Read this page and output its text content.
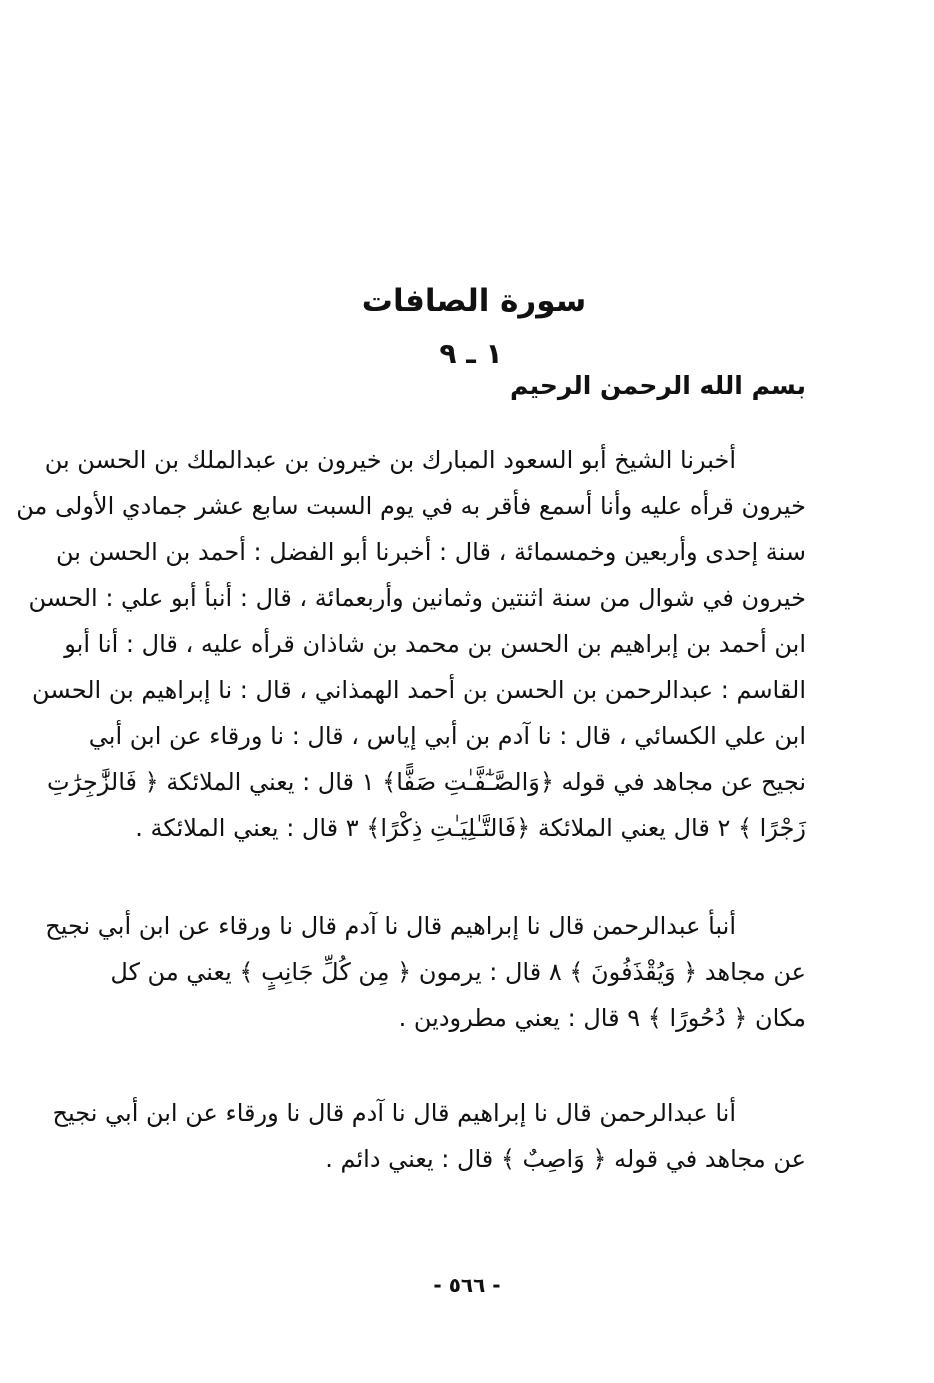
سورة الصافات
١ ـ ٩
بسم الله الرحمن الرحيم
أخبرنا الشيخ أبو السعود المبارك بن خيرون بن عبدالملك بن الحسن بن
خيرون قرأه عليه وأنا أسمع فأقر به في يوم السبت سابع عشر جمادي الأولى من
سنة إحدى وأربعين وخمسمائة ، قال : أخبرنا أبو الفضل : أحمد بن الحسن بن
خيرون في شوال من سنة اثنتين وثمانين وأربعمائة ، قال : أنبأ أبو علي : الحسن
ابن أحمد بن إبراهيم بن الحسن بن محمد بن شاذان قرأه عليه ، قال : أنا أبو
القاسم : عبدالرحمن بن الحسن بن أحمد الهمذاني ، قال : نا إبراهيم بن الحسن
ابن علي الكسائي ، قال : نا آدم بن أبي إياس ، قال : نا ورقاء عن ابن أبي
نجيح عن مجاهد في قوله ﴿وَالصَّـٰٓفَّـٰتِ صَفًّا﴾ ١ قال : يعني الملائكة ﴿ فَالزَّٰجِرَٰتِ
زَجْرًا ﴾ ٢ قال يعني الملائكة ﴿فَالتَّـٰلِيَـٰتِ ذِكْرًا﴾ ٣ قال : يعني الملائكة .
أنبأ عبدالرحمن قال نا إبراهيم قال نا آدم قال نا ورقاء عن ابن أبي نجيح
عن مجاهد ﴿ وَيُقْذَفُونَ ﴾ ٨ قال : يرمون ﴿ مِن كُلِّ جَانِبٍ ﴾ يعني من كل
مكان ﴿ دُحُورًا ﴾ ٩ قال : يعني مطرودين .
أنا عبدالرحمن قال نا إبراهيم قال نا آدم قال نا ورقاء عن ابن أبي نجيح
عن مجاهد في قوله ﴿ وَاصِبٌ ﴾ قال : يعني دائم .
- ٥٦٦ -
